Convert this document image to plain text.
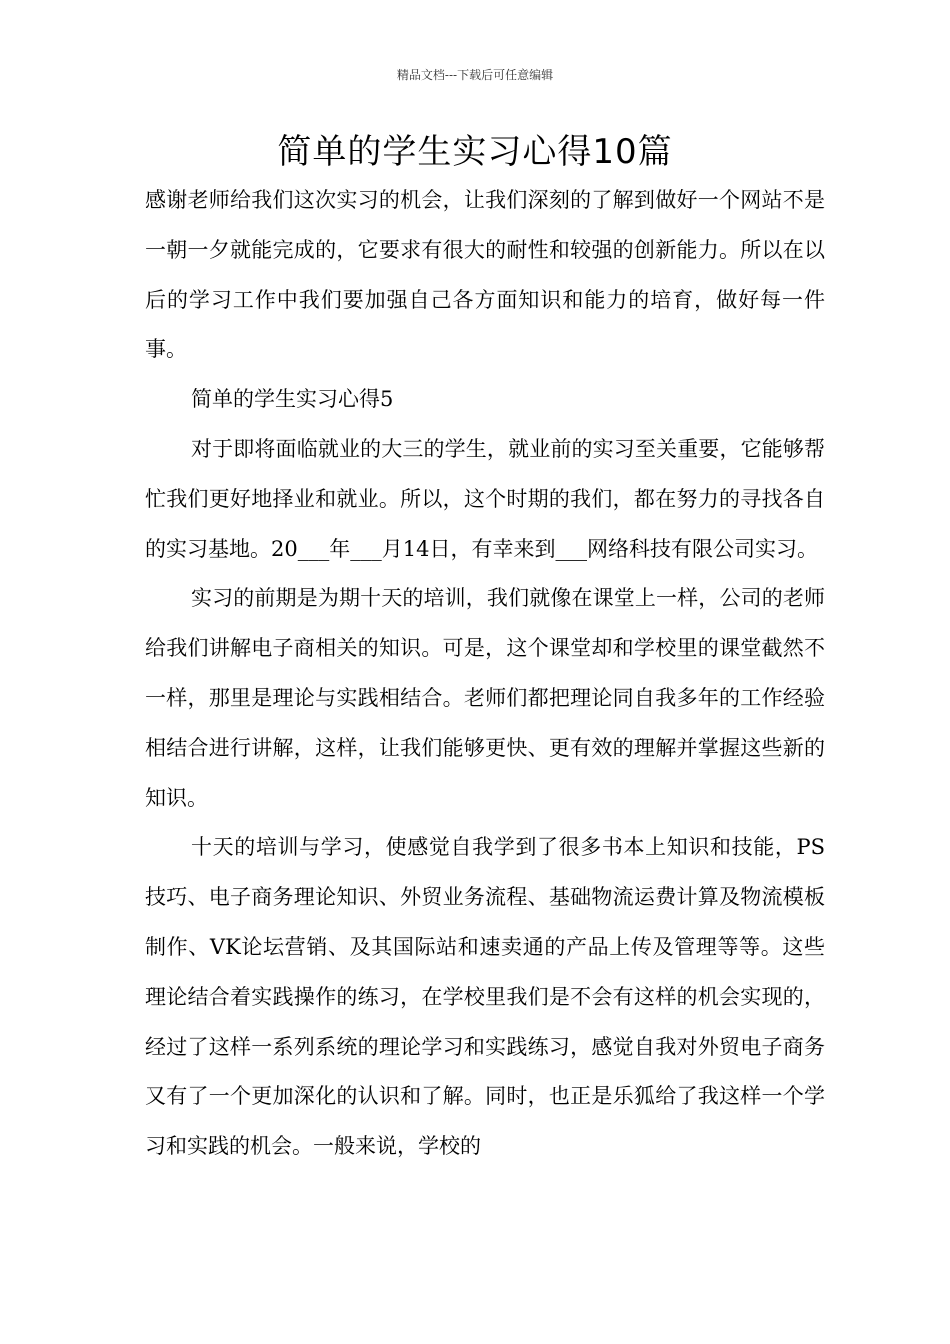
精品文档---下载后可任意编辑
简单的学生实习心得10篇

感谢老师给我们这次实习的机会，让我们深刻的了解到做好一个网站不是一朝一夕就能完成的，它要求有很大的耐性和较强的创新能力。所以在以后的学习工作中我们要加强自己各方面知识和能力的培育，做好每一件事。

简单的学生实习心得5

对于即将面临就业的大三的学生，就业前的实习至关重要，它能够帮忙我们更好地择业和就业。所以，这个时期的我们，都在努力的寻找各自的实习基地。20___年___月14日，有幸来到___网络科技有限公司实习。

实习的前期是为期十天的培训，我们就像在课堂上一样，公司的老师给我们讲解电子商相关的知识。可是，这个课堂却和学校里的课堂截然不一样，那里是理论与实践相结合。老师们都把理论同自我多年的工作经验相结合进行讲解，这样，让我们能够更快、更有效的理解并掌握这些新的知识。

十天的培训与学习，使感觉自我学到了很多书本上知识和技能，PS技巧、电子商务理论知识、外贸业务流程、基础物流运费计算及物流模板制作、VK论坛营销、及其国际站和速卖通的产品上传及管理等等。这些理论结合着实践操作的练习，在学校里我们是不会有这样的机会实现的，经过了这样一系列系统的理论学习和实践练习，感觉自我对外贸电子商务又有了一个更加深化的认识和了解。同时，也正是乐狐给了我这样一个学习和实践的机会。一般来说，学校的
